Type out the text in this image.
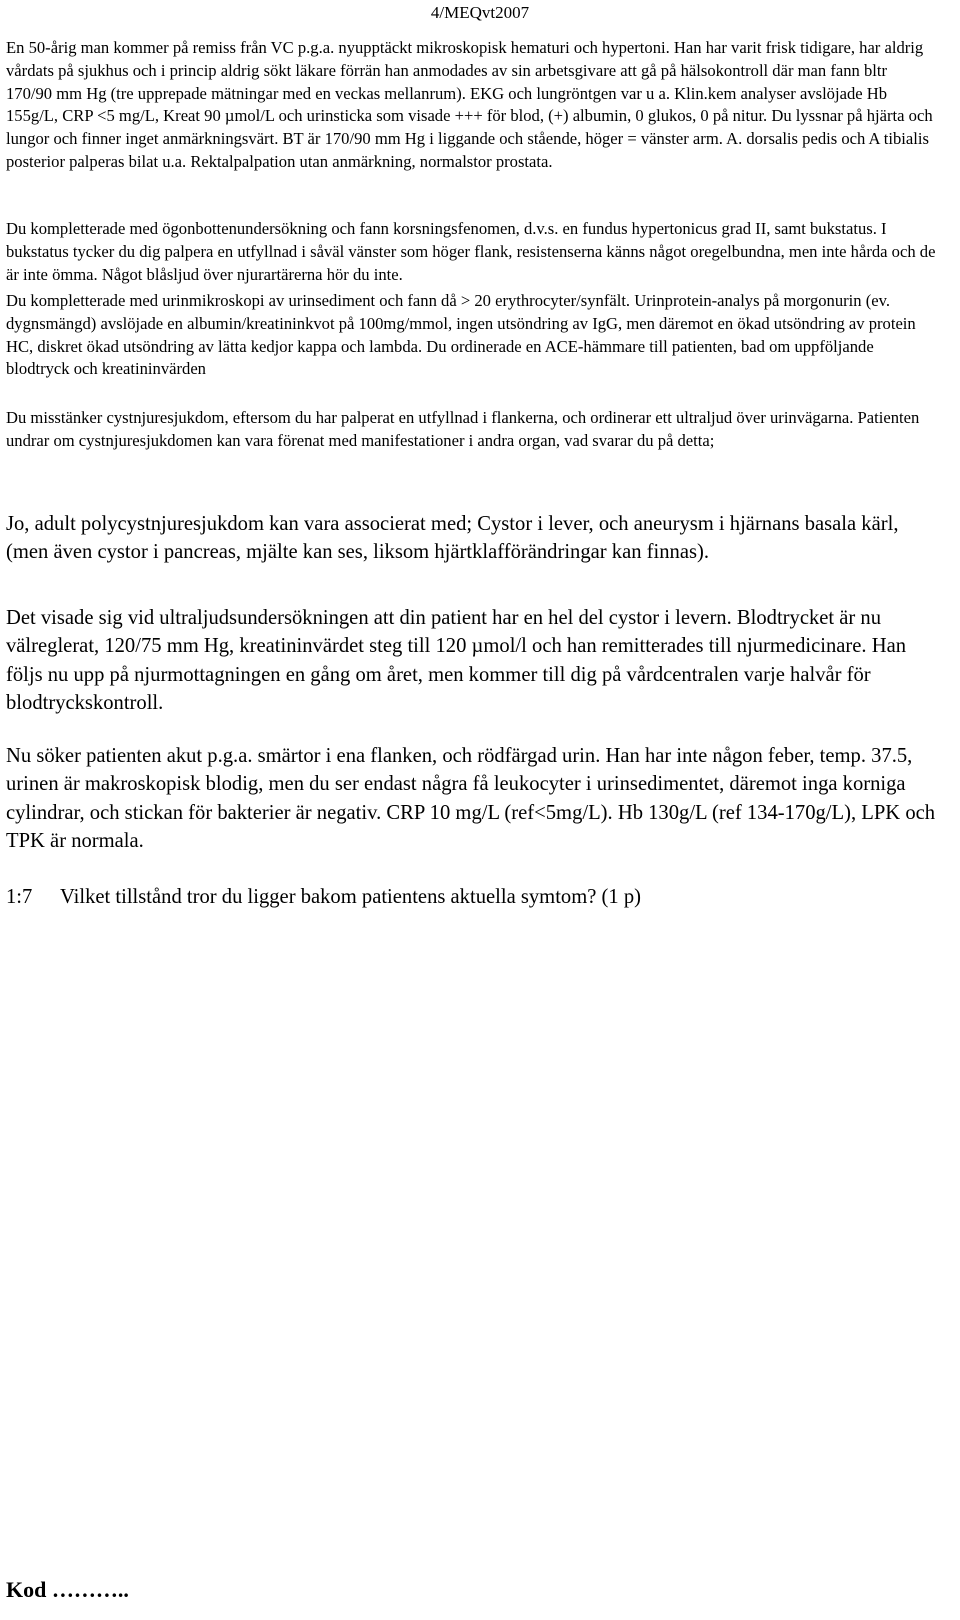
4/MEQvt2007

En 50-årig man kommer på remiss från VC p.g.a. nyupptäckt mikroskopisk hematuri och hypertoni. Han har varit frisk tidigare, har aldrig vårdats på sjukhus och i princip aldrig sökt läkare förrän han anmodades av sin arbetsgivare att gå på hälsokontroll där man fann bltr 170/90 mm Hg (tre upprepade mätningar med en veckas mellanrum). EKG och lungröntgen var u a. Klin.kem analyser avslöjade Hb 155g/L, CRP <5 mg/L, Kreat 90 µmol/L och urinsticka som visade +++ för blod, (+) albumin, 0 glukos, 0 på nitur. Du lyssnar på hjärta och lungor och finner inget anmärkningsvärt. BT är 170/90 mm Hg i liggande och stående, höger = vänster arm. A. dorsalis pedis och A tibialis posterior palperas bilat u.a. Rektalpalpation utan anmärkning, normalstor prostata.

Du kompletterade med ögonbottenundersökning och fann korsningsfenomen, d.v.s. en fundus hypertonicus grad II, samt bukstatus. I bukstatus tycker du dig palpera en utfyllnad i såväl vänster som höger flank, resistenserna känns något oregelbundna, men inte hårda och de är inte ömma. Något blåsljud över njurartärerna hör du inte.

Du kompletterade med urinmikroskopi av urinsediment och fann då > 20 erythrocyter/synfält. Urinprotein-analys på morgonurin (ev. dygnsmängd) avslöjade en albumin/kreatininkvot på 100mg/mmol, ingen utsöndring av IgG, men däremot en ökad utsöndring av protein HC, diskret ökad utsöndring av lätta kedjor kappa och lambda. Du ordinerade en ACE-hämmare till patienten, bad om uppföljande blodtryck och kreatininvärden

Du misstänker cystnjuresjukdom, eftersom du har palperat en utfyllnad i flankerna, och ordinerar ett ultraljud över urinvägarna. Patienten undrar om cystnjuresjukdomen kan vara förenat med manifestationer i andra organ, vad svarar du på detta;

Jo, adult polycystnjuresjukdom kan vara associerat med; Cystor i lever, och aneurysm i hjärnans basala kärl, (men även cystor i pancreas, mjälte kan ses, liksom hjärtklafförändringar kan finnas).

Det visade sig vid ultraljudsundersökningen att din patient har en hel del cystor i levern. Blodtrycket är nu välreglerat, 120/75 mm Hg, kreatininvärdet steg till 120 µmol/l och han remitterades till njurmedicinare. Han följs nu upp på njurmottagningen en gång om året, men kommer till dig på vårdcentralen varje halvår för blodtryckskontroll.

Nu söker patienten akut p.g.a. smärtor i ena flanken, och rödfärgad urin. Han har inte någon feber, temp. 37.5, urinen är makroskopisk blodig, men du ser endast några få leukocyter i urinsedimentet, däremot inga korniga cylindrar, och stickan för bakterier är negativ. CRP 10 mg/L (ref<5mg/L). Hb 130g/L (ref 134-170g/L), LPK och TPK är normala.

1:7 Vilket tillstånd tror du ligger bakom patientens aktuella symtom? (1 p)

Kod ………..
